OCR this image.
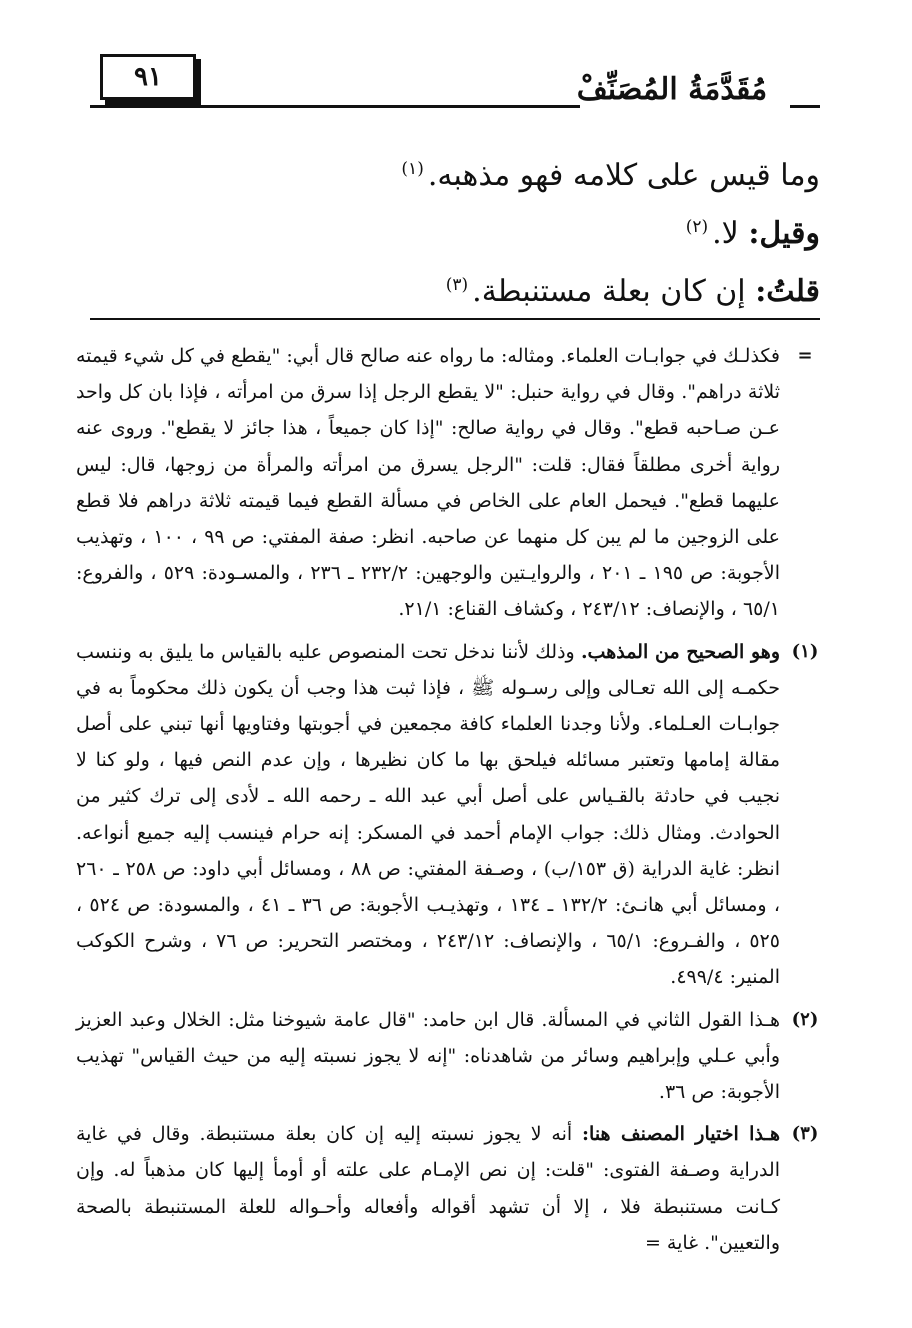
٩١	مُقَدَّمَةُ المُصَنِّفْ
وما قيس على كلامه فهو مذهبه.$^{(١)}$
وقيل: لا.$^{(٢)}$
قلتُ: إن كان بعلة مستنبطة.$^{(٣)}$
=
فكذلـك في جوابـات العلماء. ومثاله: ما رواه عنه صالح قال أبي: "يقطع في كل شيء قيمته ثلاثة دراهم". وقال في رواية حنبل: "لا يقطع الرجل إذا سرق من امرأته ، فإذا بان كل واحد عـن صـاحبه قطع". وقال في رواية صالح: "إذا كان جميعاً ، هذا جائز لا يقطع". وروى عنه رواية أخرى مطلقاً فقال: قلت: "الرجل يسرق من امرأته والمرأة من زوجها، قال: ليس عليهما قطع". فيحمل العام على الخاص في مسألة القطع فيما قيمته ثلاثة دراهم فلا قطع على الزوجين ما لم يبن كل منهما عن صاحبه. انظر: صفة المفتي: ص ٩٩ ، ١٠٠ ، وتهذيب الأجوبة: ص ١٩٥ ـ ٢٠١ ، والروايـتين والوجهين: ٢٣٢/٢ ـ ٢٣٦ ، والمسـودة: ٥٢٩ ، والفروع: ٦٥/١ ، والإنصاف: ٢٤٣/١٢ ، وكشاف القناع: ٢١/١.
(١)
وهو الصحيح من المذهب. وذلك لأننا ندخل تحت المنصوص عليه بالقياس ما يليق به وننسب حكمـه إلى الله تعـالى وإلى رسـوله ﷺ ، فإذا ثبت هذا وجب أن يكون ذلك محكوماً به في جوابـات العـلماء. ولأنا وجدنا العلماء كافة مجمعين في أجوبتها وفتاويها أنها تبني على أصل مقالة إمامها وتعتبر مسائله فيلحق بها ما كان نظيرها ، وإن عدم النص فيها ، ولو كنا لا نجيب في حادثة بالقـياس على أصل أبي عبد الله ـ رحمه الله ـ لأدى إلى ترك كثير من الحوادث. ومثال ذلك: جواب الإمام أحمد في المسكر: إنه حرام فينسب إليه جميع أنواعه. انظر: غاية الدراية (ق ١٥٣/ب) ، وصـفة المفتي: ص ٨٨ ، ومسائل أبي داود: ص ٢٥٨ ـ ٢٦٠ ، ومسائل أبي هانـئ: ١٣٢/٢ ـ ١٣٤ ، وتهذيـب الأجوبة: ص ٣٦ ـ ٤١ ، والمسودة: ص ٥٢٤ ، ٥٢٥ ، والفـروع: ٦٥/١ ، والإنصاف: ٢٤٣/١٢ ، ومختصر التحرير: ص ٧٦ ، وشرح الكوكب المنير: ٤٩٩/٤.
(٢)
هـذا القول الثاني في المسألة. قال ابن حامد: "قال عامة شيوخنا مثل: الخلال وعبد العزيز وأبي عـلي وإبراهيم وسائر من شاهدناه: "إنه لا يجوز نسبته إليه من حيث القياس" تهذيب الأجوبة: ص ٣٦.
(٣)
هـذا اختيار المصنف هنا: أنه لا يجوز نسبته إليه إن كان بعلة مستنبطة. وقال في غاية الدراية وصـفة الفتوى: "قلت: إن نص الإمـام على علته أو أومأ إليها كان مذهباً له. وإن كـانت مستنبطة فلا ، إلا أن تشهد أقواله وأفعاله وأحـواله للعلة المستنبطة بالصحة والتعيين". غاية =
